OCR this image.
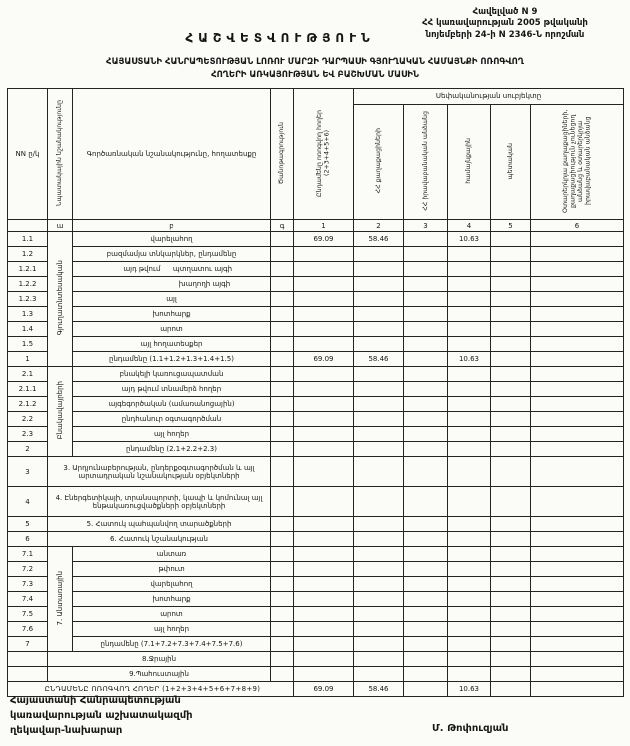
Հավելված N 9
ՀՀ կառավարության 2005 թվականի
նոյեմբերի 24-ի N 2346-Ն որոշման
ՀԱՇՎԵՏՎՈՒԹՅՈՒՆ
ՀԱՅԱՍՏԱՆԻ ՀԱՆՐԱՊԵՏՈՒԹՅԱՆ ԼՈՌՈՒ ՄԱՐԶԻ ԴԱՐՊԱՍԻ ԳՅՈՒՂԱԿԱՆ ՀԱՄԱՅՆՔԻ ՈՌՈԳՎՈՂ
ՀՈՂԵՐԻ ԱՌԿԱՅՈՒԹՅԱՆ ԵՎ ԲԱՇԽՄԱՆ ՄԱՍԻՆ
NN ը/կ	Նպատակային նշանակությունը	Գործառնական նշանակությունը, հողատեսքը	Ծանոթագրություն	Ընդամենը ոռոգվող հողեր (2+3+4+5+6)	Սեփականության սուբյեկտը				
					ՀՀ քաղաքացիների	ՀՀ իրավաբանական անձանց	համայնքային	պետական	Օտարերկրյա քաղաքացիների, քաղաքացիություն չունեցող անձանց և օտարերկրյա իրավաբանական անձանց
	ա	բ	գ	1	2	3	4	5	6
1.1	Գյուղատնտեսական	վարելահող		69.09	58.46		10.63		
1.2		բազմամյա տնկարկներ, ընդամենը							
1.2.1		այդ թվում պտղատու այգի							
1.2.2		խաղողի այգի							
1.2.3		այլ							
1.3		խոտհարք							
1.4		արոտ							
1.5		այլ հողատեսքեր							
1		ընդամենը (1.1+1.2+1.3+1.4+1.5)		69.09	58.46		10.63		
2.1	Բնակավայրերի	բնակելի կառուցապատման							
2.1.1		այդ թվում տնամերձ հողեր							
2.1.2		այգեգործական (ամառանոցային)							
2.2		ընդհանուր օգտագործման							
2.3		այլ հողեր							
2		ընդամենը (2.1+2.2+2.3)							
3	3. Արդյունաբերության, ընդերքօգտագործման և այլ արտադրական նշանակության օբյեկտների								
4	4. Էներգետիկայի, տրանսպորտի, կապի և կոմունալ այլ ենթակառուցվածքների օբյեկտների								
5	5. Հատուկ պահպանվող տարածքների								
6	6. Հատուկ նշանակության								
7.1	7. Անտառային	անտառ							
7.2		թփուտ							
7.3		վարելահող							
7.4		խոտհարք							
7.5		արոտ							
7.6		այլ հողեր							
7		ընդամենը (7.1+7.2+7.3+7.4+7.5+7.6)							
	8.Ջրային								
	9.Պահուստային								
ԸՆԴԱՄԵՆԸ ՈՌՈԳՎՈՂ ՀՈՂԵՐ (1+2+3+4+5+6+7+8+9)				69.09	58.46		10.63		
Հայաստանի Հանրապետության
կառավարության աշխատակազմի
ղեկավար-նախարար	Մ. Թոփուզյան
